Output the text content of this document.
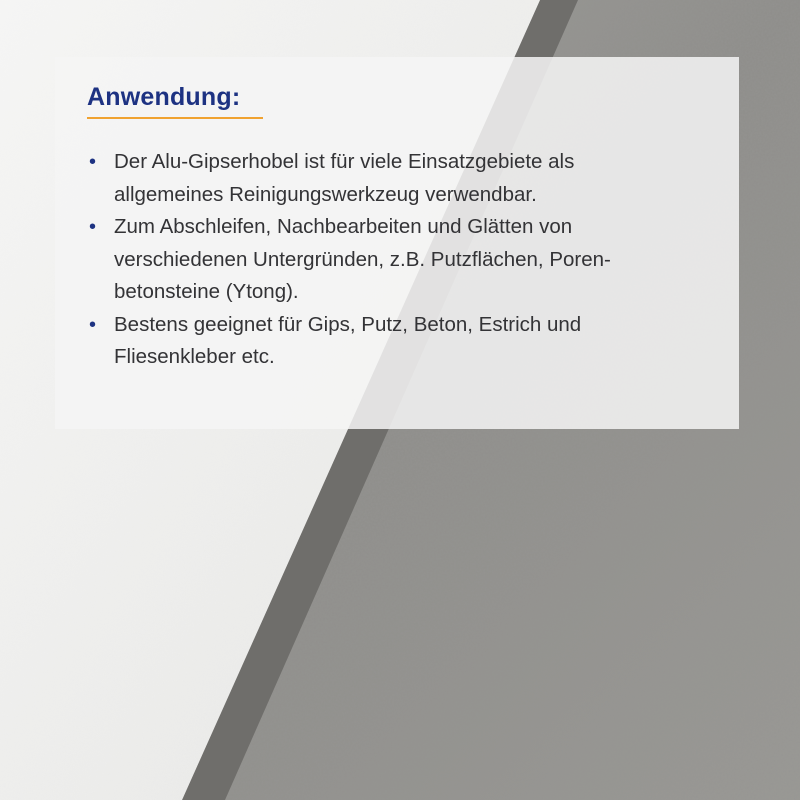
Anwendung:
• Der Alu-Gipserhobel ist für viele Einsatzgebiete als
allgemeines Reinigungswerkzeug verwendbar.
• Zum Abschleifen, Nachbearbeiten und Glätten von
verschiedenen Untergründen, z.B. Putzflächen, Poren-
betonsteine (Ytong).
• Bestens geeignet für Gips, Putz, Beton, Estrich und
Fliesenkleber etc.
